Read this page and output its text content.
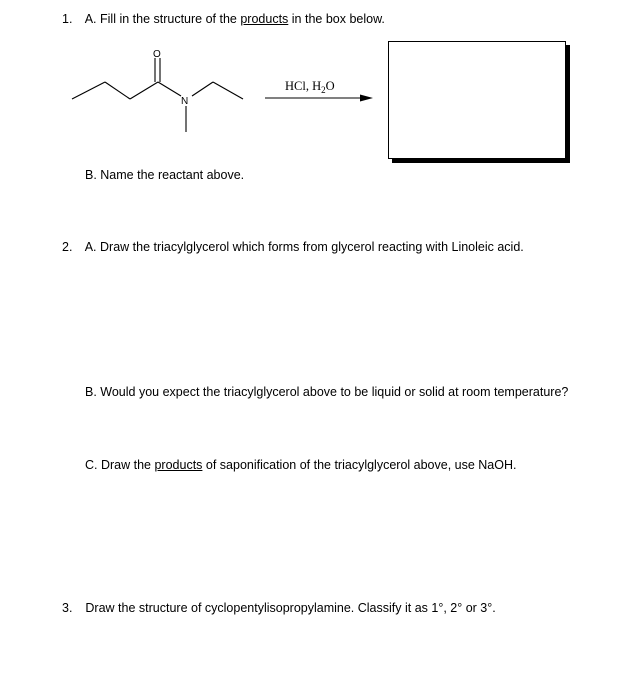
1. A. Fill in the structure of the products in the box below.
O
N
HCl, $H_2O$
B. Name the reactant above.
2. A. Draw the triacylglycerol which forms from glycerol reacting with Linoleic acid.
B. Would you expect the triacylglycerol above to be liquid or solid at room temperature?
C. Draw the products of saponification of the triacylglycerol above, use NaOH.
3. Draw the structure of cyclopentylisopropylamine. Classify it as 1°, 2° or 3°.
